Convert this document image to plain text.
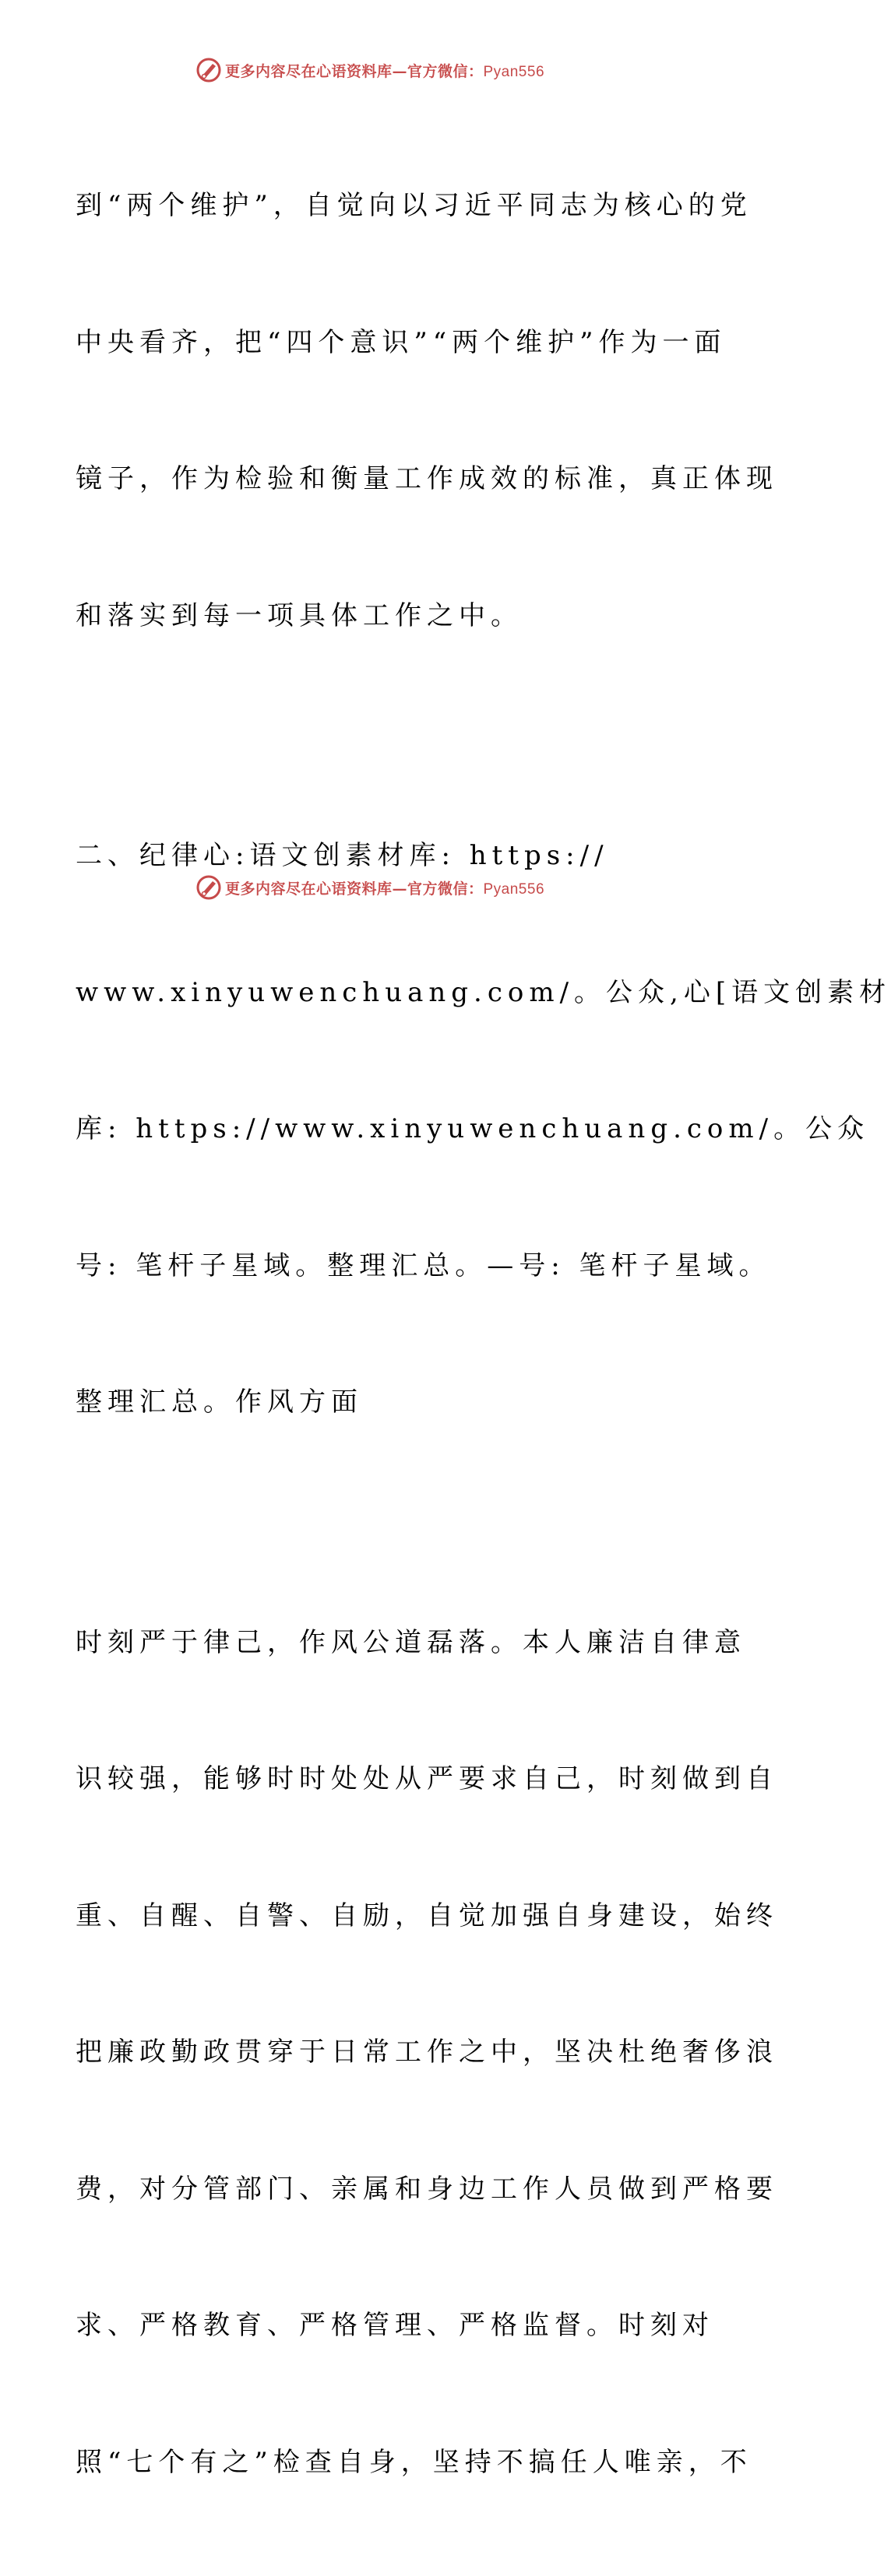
更多内容尽在心语资料库—官方微信：Pyan556

到“两个维护”，自觉向以习近平同志为核心的党

中央看齐，把“四个意识”“两个维护”作为一面

镜子，作为检验和衡量工作成效的标准，真正体现

和落实到每一项具体工作之中。

二、纪律心:语文创素材库: https://

www.xinyuwenchuang.com/。公众,心[语文创素材

库: https://www.xinyuwenchuang.com/。公众

号: 笔杆子星域。整理汇总。—号: 笔杆子星域。

整理汇总。作风方面

时刻严于律己，作风公道磊落。本人廉洁自律意

识较强，能够时时处处从严要求自己，时刻做到自

重、自醒、自警、自励，自觉加强自身建设，始终

把廉政勤政贯穿于日常工作之中，坚决杜绝奢侈浪

费，对分管部门、亲属和身边工作人员做到严格要

求、严格教育、严格管理、严格监督。时刻对

照“七个有之”检查自身，坚持不搞任人唯亲，不

更多内容尽在心语资料库—官方微信：Pyan556
